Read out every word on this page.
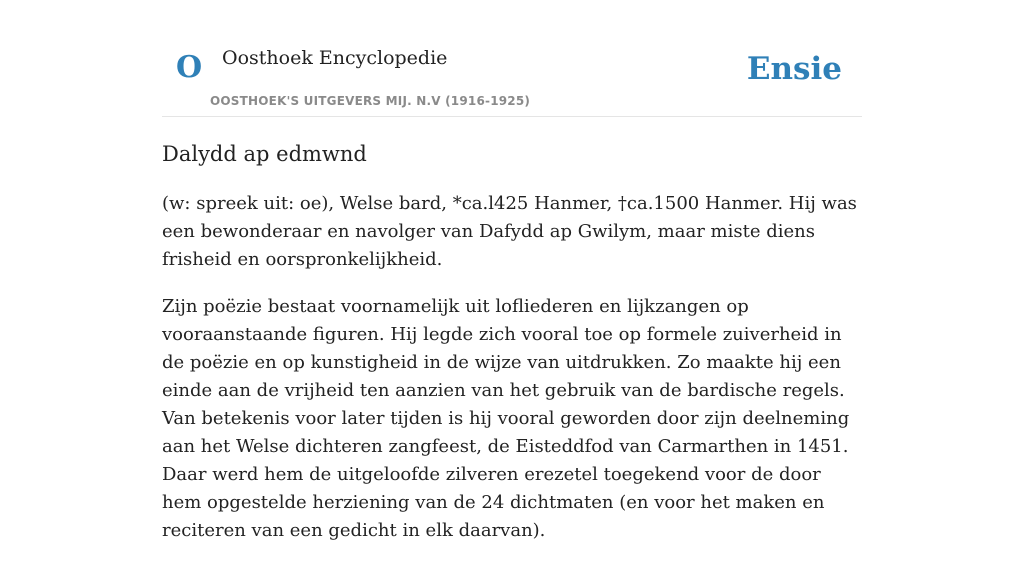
O Oosthoek Encyclopedie
OOSTHOEK'S UITGEVERS MIJ. N.V (1916-1925)
Ensie
Dalydd ap edmwnd

(w: spreek uit: oe), Welse bard, *ca.l425 Hanmer, †ca.1500 Hanmer. Hij was een bewonderaar en navolger van Dafydd ap Gwilym, maar miste diens frisheid en oorspronkelijkheid.

Zijn poëzie bestaat voornamelijk uit lofliederen en lijkzangen op vooraanstaande figuren. Hij legde zich vooral toe op formele zuiverheid in de poëzie en op kunstigheid in de wijze van uitdrukken. Zo maakte hij een einde aan de vrijheid ten aanzien van het gebruik van de bardische regels. Van betekenis voor later tijden is hij vooral geworden door zijn deelneming aan het Welse dichteren zangfeest, de Eisteddfod van Carmarthen in 1451. Daar werd hem de uitgeloofde zilveren erezetel toegekend voor de door hem opgestelde herziening van de 24 dichtmaten (en voor het maken en reciteren van een gedicht in elk daarvan).
